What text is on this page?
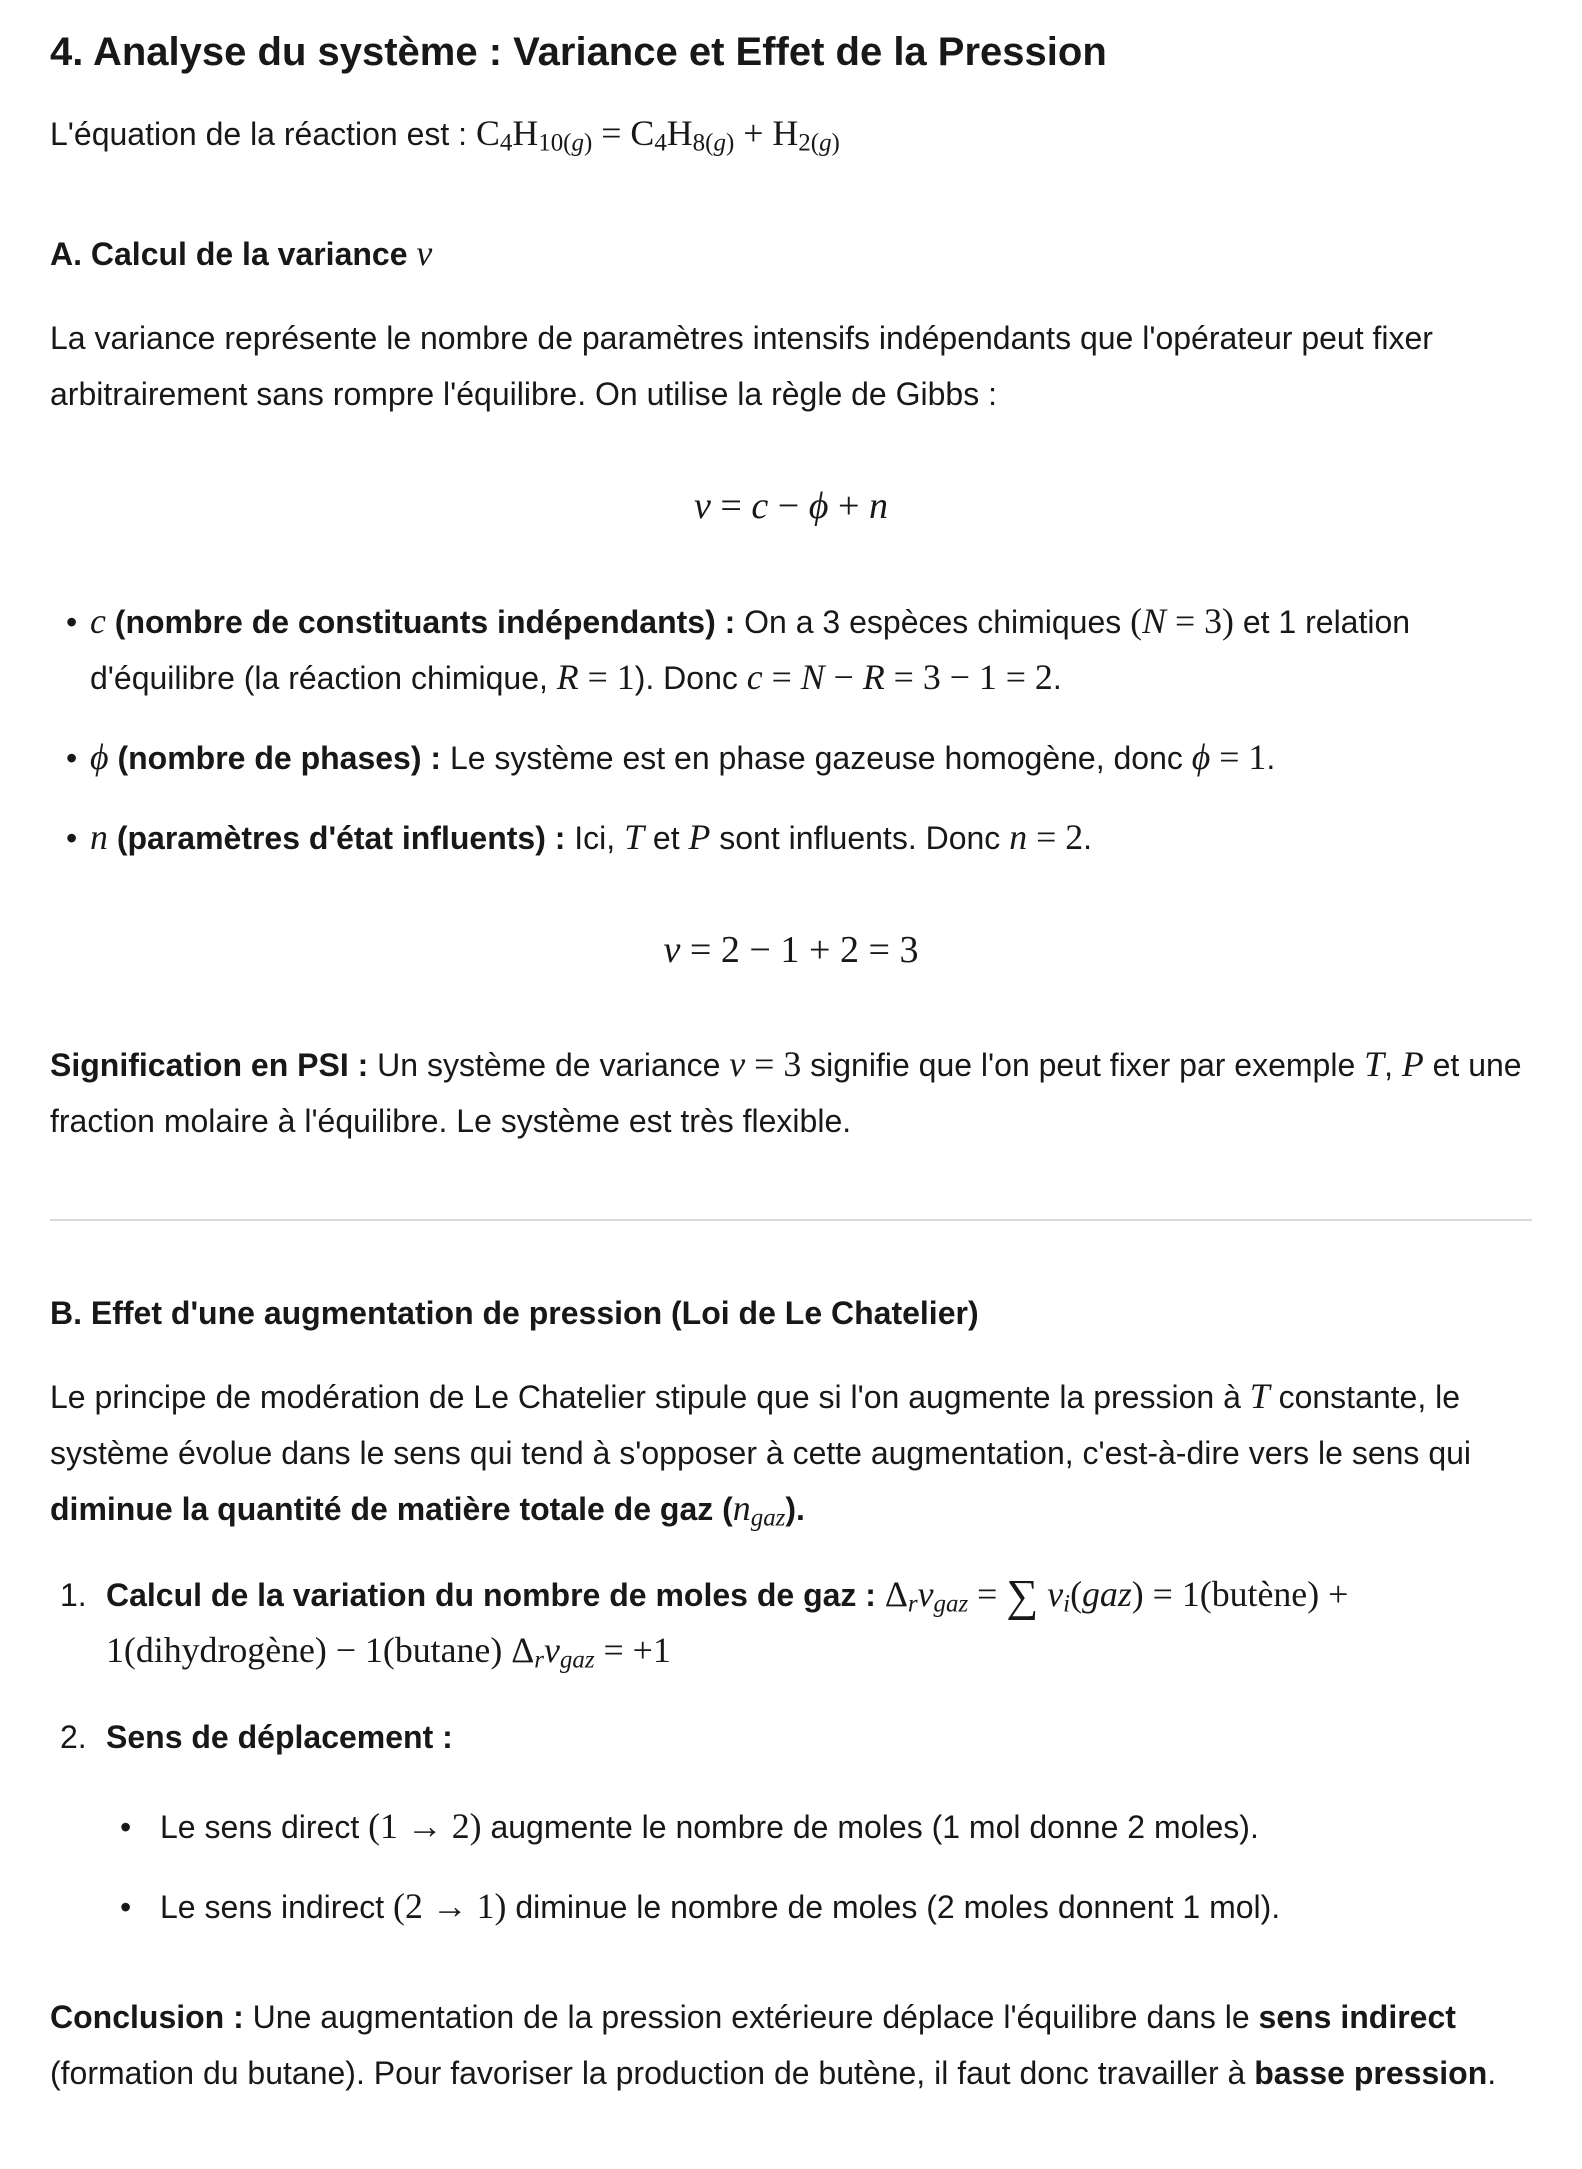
4. Analyse du système : Variance et Effet de la Pression

L'équation de la réaction est : $C_4H_{10(g)} = C_4H_{8(g)} + H_{2(g)}$

A. Calcul de la variance v

La variance représente le nombre de paramètres intensifs indépendants que l'opérateur peut fixer arbitrairement sans rompre l'équilibre. On utilise la règle de Gibbs :

v = c − ϕ + n
• c (nombre de constituants indépendants) : On a 3 espèces chimiques (N = 3) et 1 relation d'équilibre (la réaction chimique, R = 1). Donc c = N − R = 3 − 1 = 2.
• ϕ (nombre de phases) : Le système est en phase gazeuse homogène, donc ϕ = 1.
• n (paramètres d'état influents) : Ici, T et P sont influents. Donc n = 2.
v = 2 − 1 + 2 = 3

Signification en PSI : Un système de variance v = 3 signifie que l'on peut fixer par exemple T, P et une fraction molaire à l'équilibre. Le système est très flexible.

B. Effet d'une augmentation de pression (Loi de Le Chatelier)

Le principe de modération de Le Chatelier stipule que si l'on augmente la pression à T constante, le système évolue dans le sens qui tend à s'opposer à cette augmentation, c'est-à-dire vers le sens qui diminue la quantité de matière totale de gaz $(n_{gaz})$.

1. Calcul de la variation du nombre de moles de gaz : $\Delta_r\nu_{gaz}$ = ∑ $\nu_i(gaz)$ = 1(butène) + 1(dihydrogène) − 1(butane) $\Delta_r\nu_{gaz} = +1$
2. Sens de déplacement :
• Le sens direct (1 → 2) augmente le nombre de moles (1 mol donne 2 moles).
• Le sens indirect (2 → 1) diminue le nombre de moles (2 moles donnent 1 mol).

Conclusion : Une augmentation de la pression extérieure déplace l'équilibre dans le sens indirect (formation du butane). Pour favoriser la production de butène, il faut donc travailler à basse pression.
